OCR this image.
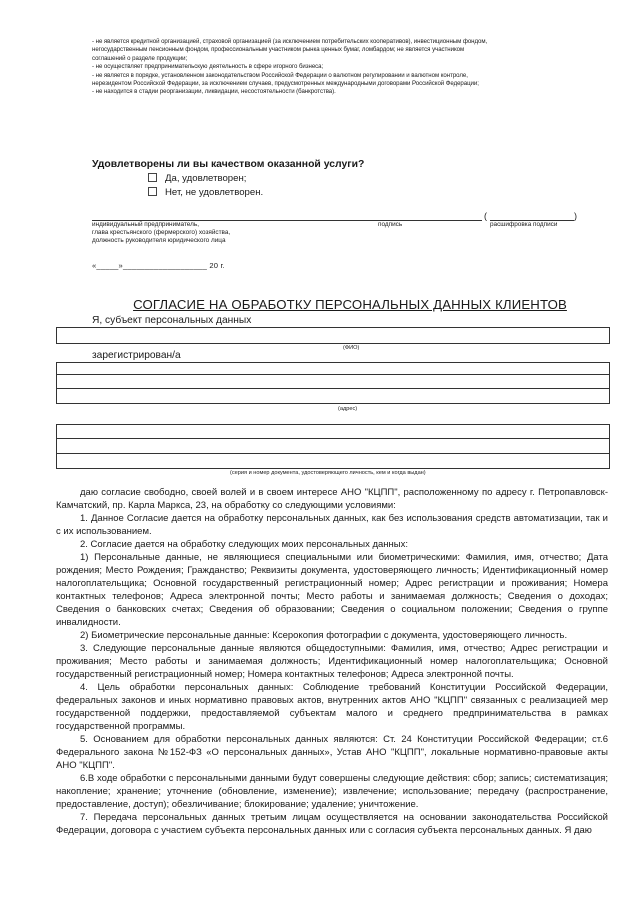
- не является кредитной организацией, страховой организацией (за исключением потребительских кооперативов), инвестиционным фондом,
негосударственным пенсионным фондом, профессиональным участником рынка ценных бумаг, ломбардом; не является участником
соглашений о разделе продукции;
- не осуществляет предпринимательскую деятельность в сфере игорного бизнеса;
- не является в порядке, установленном законодательством Российской Федерации о валютном регулировании и валютном контроле,
нерезидентом Российской Федерации, за исключением случаев, предусмотренных международными договорами Российской Федерации;
- не находится в стадии реорганизации, ликвидации, несостоятельности (банкротства).
Удовлетворены ли вы качеством оказанной услуги?
Да, удовлетворен;
Нет, не удовлетворен.
(	)
индивидуальный предприниматель,
глава крестьянского (фермерского) хозяйства,
должность руководителя юридического лица
подпись	расшифровка подписи
«_____»___________________ 20 г.
СОГЛАСИЕ НА ОБРАБОТКУ ПЕРСОНАЛЬНЫХ ДАННЫХ КЛИЕНТОВ
Я, субъект персональных данных
(ФИО)
зарегистрирован/а
(адрес)
(серия и номер документа, удостоверяющего личность, кем и когда выдан)

даю согласие свободно, своей волей и в своем интересе АНО "КЦПП", расположенному по адресу г. Петропавловск-Камчатский, пр. Карла Маркса, 23, на обработку со следующими условиями:

1. Данное Согласие дается на обработку персональных данных, как без использования средств автоматизации, так и с их использованием.

2. Согласие дается на обработку следующих моих персональных данных:

1) Персональные данные, не являющиеся специальными или биометрическими: Фамилия, имя, отчество; Дата рождения; Место Рождения; Гражданство; Реквизиты документа, удостоверяющего личность; Идентификационный номер налогоплательщика; Основной государственный регистрационный номер; Адрес регистрации и проживания; Номера контактных телефонов; Адреса электронной почты; Место работы и занимаемая должность; Сведения о доходах; Сведения о банковских счетах; Сведения об образовании; Сведения о социальном положении; Сведения о группе инвалидности.

2) Биометрические персональные данные: Ксерокопия фотографии с документа, удостоверяющего личность.

3. Следующие персональные данные являются общедоступными: Фамилия, имя, отчество; Адрес регистрации и проживания; Место работы и занимаемая должность; Идентификационный номер налогоплательщика; Основной государственный регистрационный номер; Номера контактных телефонов; Адреса электронной почты.

4. Цель обработки персональных данных: Соблюдение требований Конституции Российской Федерации, федеральных законов и иных нормативно правовых актов, внутренних актов АНО "КЦПП" связанных с реализацией мер государственной поддержки, предоставляемой субъектам малого и среднего предпринимательства в рамках государственной программы.

5. Основанием для обработки персональных данных являются: Ст. 24 Конституции Российской Федерации; ст.6 Федерального закона №152-ФЗ «О персональных данных», Устав АНО "КЦПП", локальные нормативно-правовые акты АНО "КЦПП".

6.В ходе обработки с персональными данными будут совершены следующие действия: сбор; запись; систематизация; накопление; хранение; уточнение (обновление, изменение); извлечение; использование; передачу (распространение, предоставление, доступ); обезличивание; блокирование; удаление; уничтожение.

7. Передача персональных данных третьим лицам осуществляется на основании законодательства Российской Федерации, договора с участием субъекта персональных данных или с согласия субъекта персональных данных. Я даю
